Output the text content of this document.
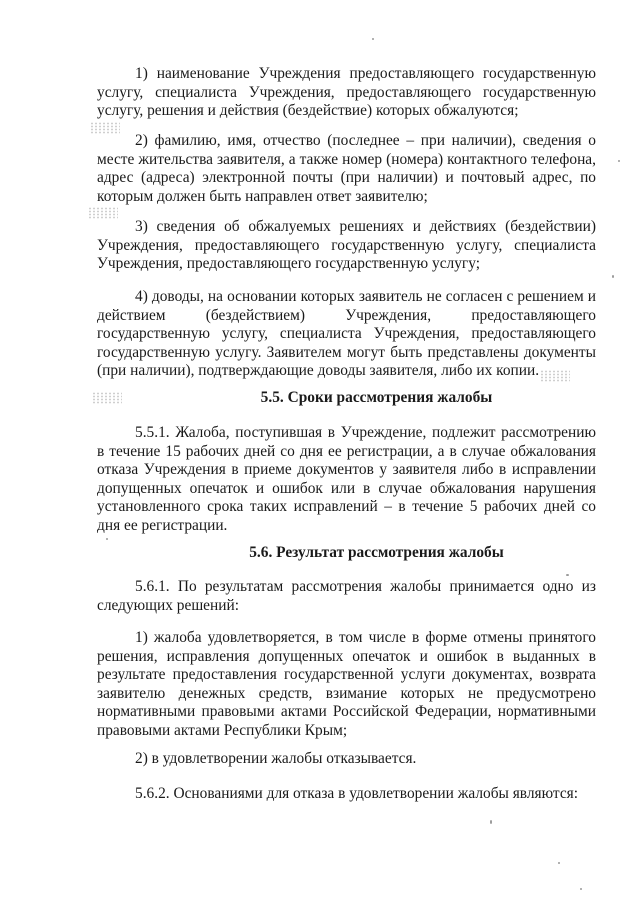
1) наименование Учреждения предоставляющего государственную услугу, специалиста Учреждения, предоставляющего государственную услугу, решения и действия (бездействие) которых обжалуются;

2) фамилию, имя, отчество (последнее – при наличии), сведения о месте жительства заявителя, а также номер (номера) контактного телефона, адрес (адреса) электронной почты (при наличии) и почтовый адрес, по которым должен быть направлен ответ заявителю;

3) сведения об обжалуемых решениях и действиях (бездействии) Учреждения, предоставляющего государственную услугу, специалиста Учреждения, предоставляющего государственную услугу;

4) доводы, на основании которых заявитель не согласен с решением и действием (бездействием) Учреждения, предоставляющего государственную услугу, специалиста Учреждения, предоставляющего государственную услугу. Заявителем могут быть представлены документы (при наличии), подтверждающие доводы заявителя, либо их копии.

5.5. Сроки рассмотрения жалобы

5.5.1. Жалоба, поступившая в Учреждение, подлежит рассмотрению в течение 15 рабочих дней со дня ее регистрации, а в случае обжалования отказа Учреждения в приеме документов у заявителя либо в исправлении допущенных опечаток и ошибок или в случае обжалования нарушения установленного срока таких исправлений – в течение 5 рабочих дней со дня ее регистрации.

5.6. Результат рассмотрения жалобы

5.6.1. По результатам рассмотрения жалобы принимается одно из следующих решений:

1) жалоба удовлетворяется, в том числе в форме отмены принятого решения, исправления допущенных опечаток и ошибок в выданных в результате предоставления государственной услуги документах, возврата заявителю денежных средств, взимание которых не предусмотрено нормативными правовыми актами Российской Федерации, нормативными правовыми актами Республики Крым;

2) в удовлетворении жалобы отказывается.

5.6.2. Основаниями для отказа в удовлетворении жалобы являются:
